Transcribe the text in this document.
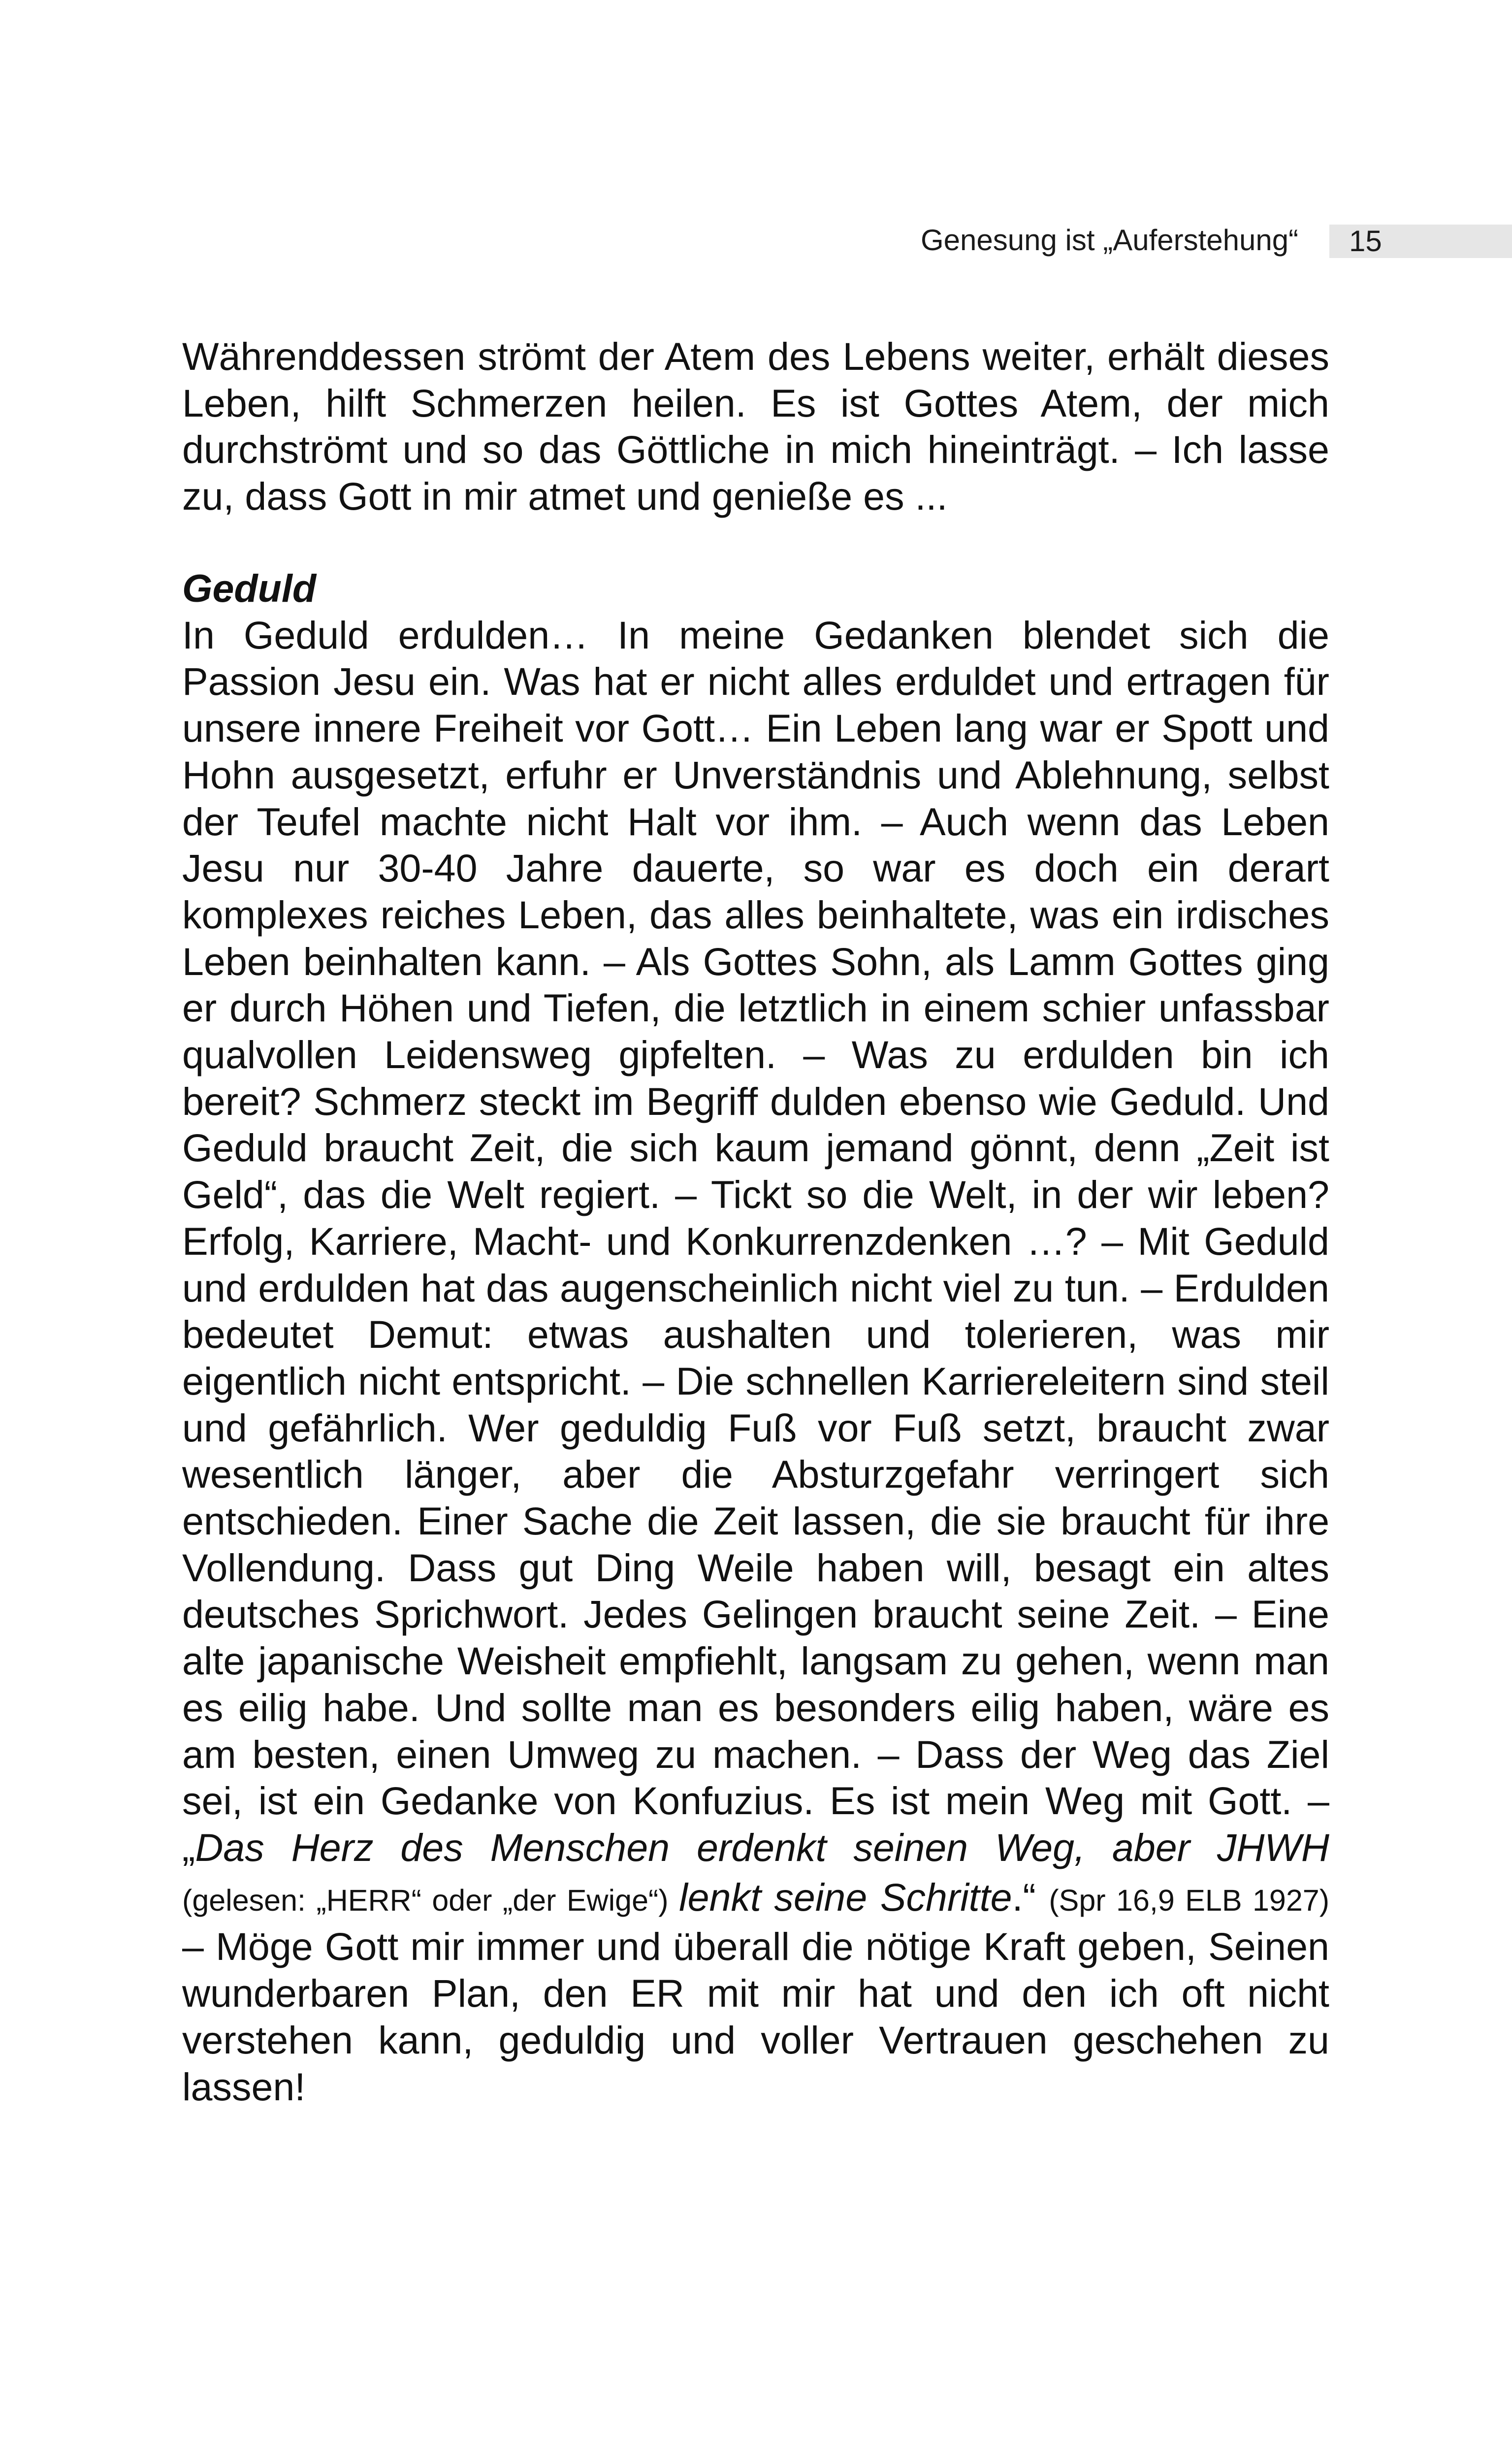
Genesung ist „Auferstehung“ 15

Währenddessen strömt der Atem des Lebens weiter, erhält dieses Leben, hilft Schmerzen heilen. Es ist Gottes Atem, der mich durchströmt und so das Göttliche in mich hineinträgt. – Ich lasse zu, dass Gott in mir atmet und genieße es ...

Geduld

In Geduld erdulden… In meine Gedanken blendet sich die Passion Jesu ein. Was hat er nicht alles erduldet und ertragen für unsere innere Freiheit vor Gott… Ein Leben lang war er Spott und Hohn ausgesetzt, erfuhr er Unverständnis und Ablehnung, selbst der Teufel machte nicht Halt vor ihm. – Auch wenn das Leben Jesu nur 30-40 Jahre dauerte, so war es doch ein derart komplexes reiches Leben, das alles beinhaltete, was ein irdisches Leben beinhalten kann. – Als Gottes Sohn, als Lamm Gottes ging er durch Höhen und Tiefen, die letztlich in einem schier unfassbar qualvollen Leidensweg gipfelten. – Was zu erdulden bin ich bereit? Schmerz steckt im Begriff dulden ebenso wie Geduld. Und Geduld braucht Zeit, die sich kaum jemand gönnt, denn „Zeit ist Geld“, das die Welt regiert. – Tickt so die Welt, in der wir leben? Erfolg, Karriere, Macht- und Konkurrenzdenken …? – Mit Geduld und erdulden hat das augenscheinlich nicht viel zu tun. – Erdulden bedeutet Demut: etwas aushalten und tolerieren, was mir eigentlich nicht entspricht. – Die schnellen Karriereleitern sind steil und gefährlich. Wer geduldig Fuß vor Fuß setzt, braucht zwar wesentlich länger, aber die Absturzgefahr verringert sich entschieden. Einer Sache die Zeit lassen, die sie braucht für ihre Vollendung. Dass gut Ding Weile haben will, besagt ein altes deutsches Sprichwort. Jedes Gelingen braucht seine Zeit. – Eine alte japanische Weisheit empfiehlt, langsam zu gehen, wenn man es eilig habe. Und sollte man es besonders eilig haben, wäre es am besten, einen Umweg zu machen. – Dass der Weg das Ziel sei, ist ein Gedanke von Konfuzius. Es ist mein Weg mit Gott. – „Das Herz des Menschen erdenkt seinen Weg, aber JHWH (gelesen: „HERR“ oder „der Ewige“) lenkt seine Schritte.“ (Spr 16,9 ELB 1927) – Möge Gott mir immer und überall die nötige Kraft geben, Seinen wunderbaren Plan, den ER mit mir hat und den ich oft nicht verstehen kann, geduldig und voller Vertrauen geschehen zu lassen!
